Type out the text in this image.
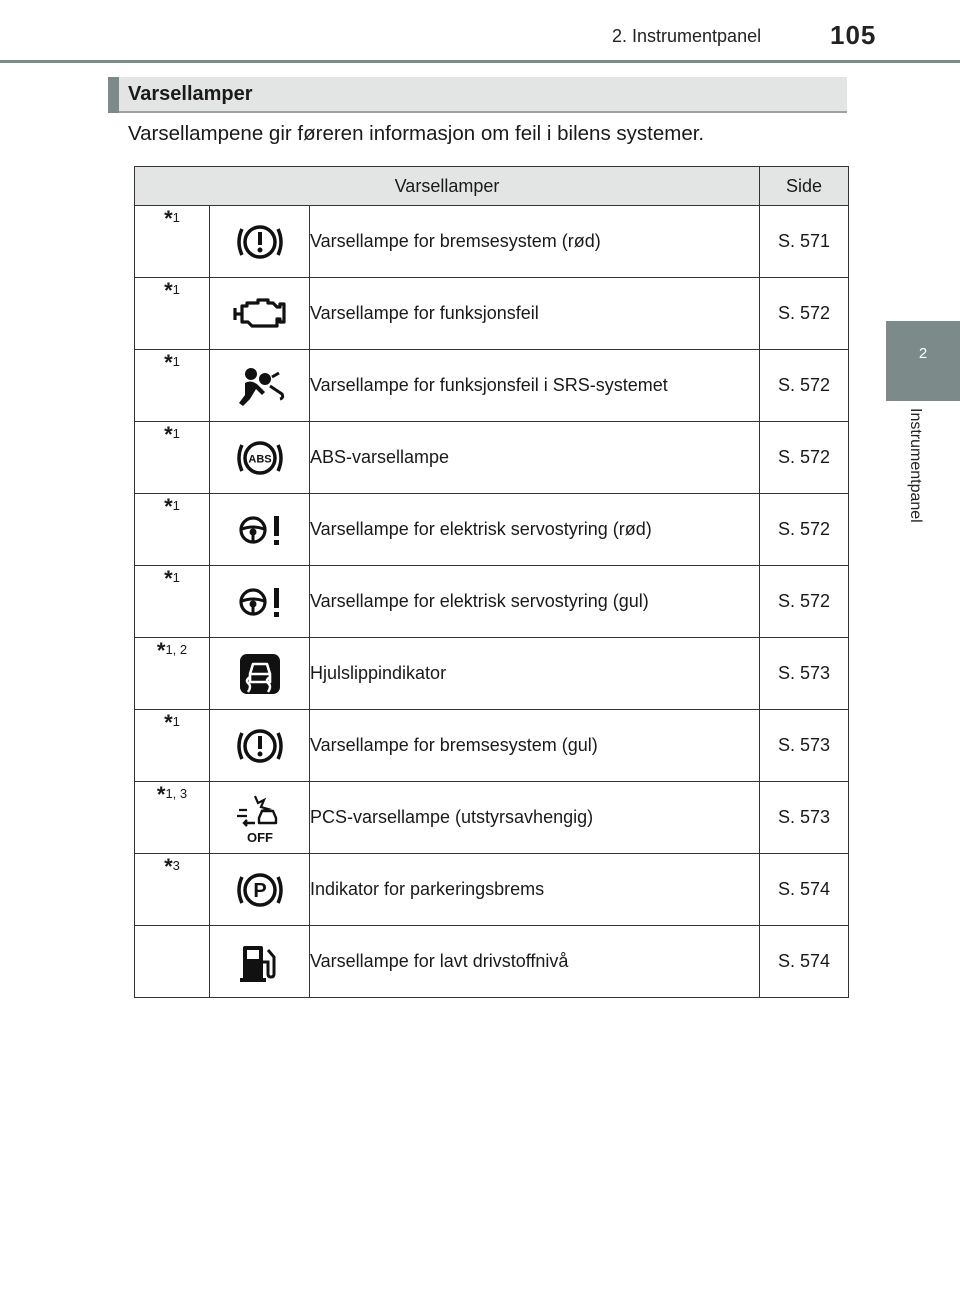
2. Instrumentpanel	105
2
Instrumentpanel
Varsellamper
Varsellampene gir føreren informasjon om feil i bilens systemer.
Varsellamper			Side
*1		Varsellampe for bremsesystem (rød)	S. 571
*1		Varsellampe for funksjonsfeil	S. 572
*1		Varsellampe for funksjonsfeil i SRS-systemet	S. 572
*1	ABS	ABS-varsellampe	S. 572
*1		Varsellampe for elektrisk servostyring (rød)	S. 572
*1		Varsellampe for elektrisk servostyring (gul)	S. 572
*1, 2		Hjulslippindikator	S. 573
*1		Varsellampe for bremsesystem (gul)	S. 573
*1, 3	OFF	PCS-varsellampe (utstyrsavhengig)	S. 573
*3	P	Indikator for parkeringsbrems	S. 574
		Varsellampe for lavt drivstoffnivå	S. 574
